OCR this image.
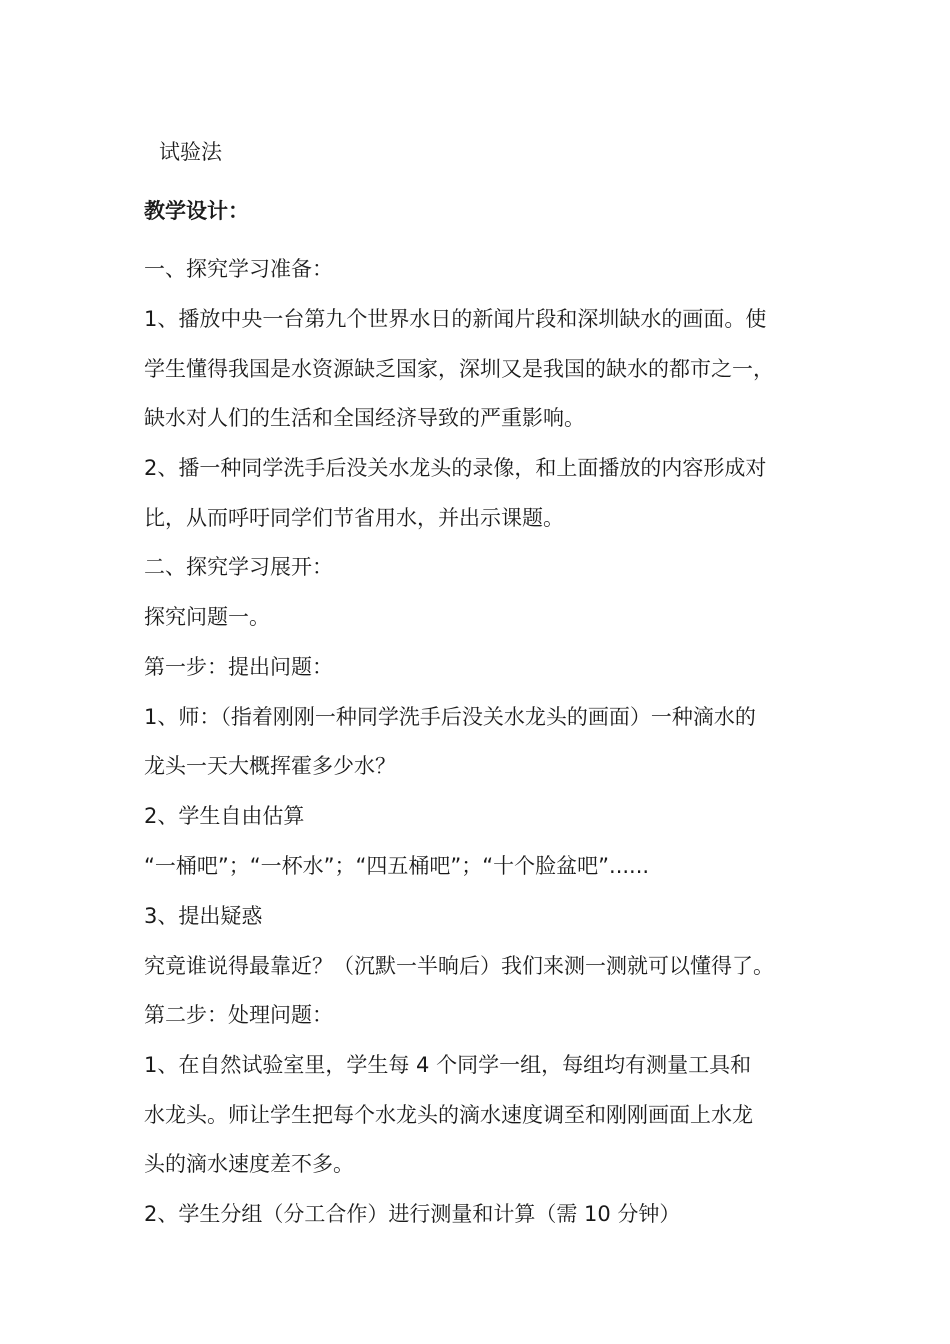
试验法
教学设计：
一、探究学习准备：
1、播放中央一台第九个世界水日的新闻片段和深圳缺水的画面。使
学生懂得我国是水资源缺乏国家，深圳又是我国的缺水的都市之一，
缺水对人们的生活和全国经济导致的严重影响。
2、播一种同学洗手后没关水龙头的录像，和上面播放的内容形成对
比，从而呼吁同学们节省用水，并出示课题。
二、探究学习展开：
探究问题一。
第一步：提出问题：
1、师：（指着刚刚一种同学洗手后没关水龙头的画面）一种滴水的
龙头一天大概挥霍多少水？
2、学生自由估算
“一桶吧”；“一杯水”；“四五桶吧”；“十个脸盆吧”......
3、提出疑惑
究竟谁说得最靠近？（沉默一半晌后）我们来测一测就可以懂得了。
第二步：处理问题：
1、在自然试验室里，学生每 4 个同学一组，每组均有测量工具和
水龙头。师让学生把每个水龙头的滴水速度调至和刚刚画面上水龙
头的滴水速度差不多。
2、学生分组（分工合作）进行测量和计算（需 10 分钟）
